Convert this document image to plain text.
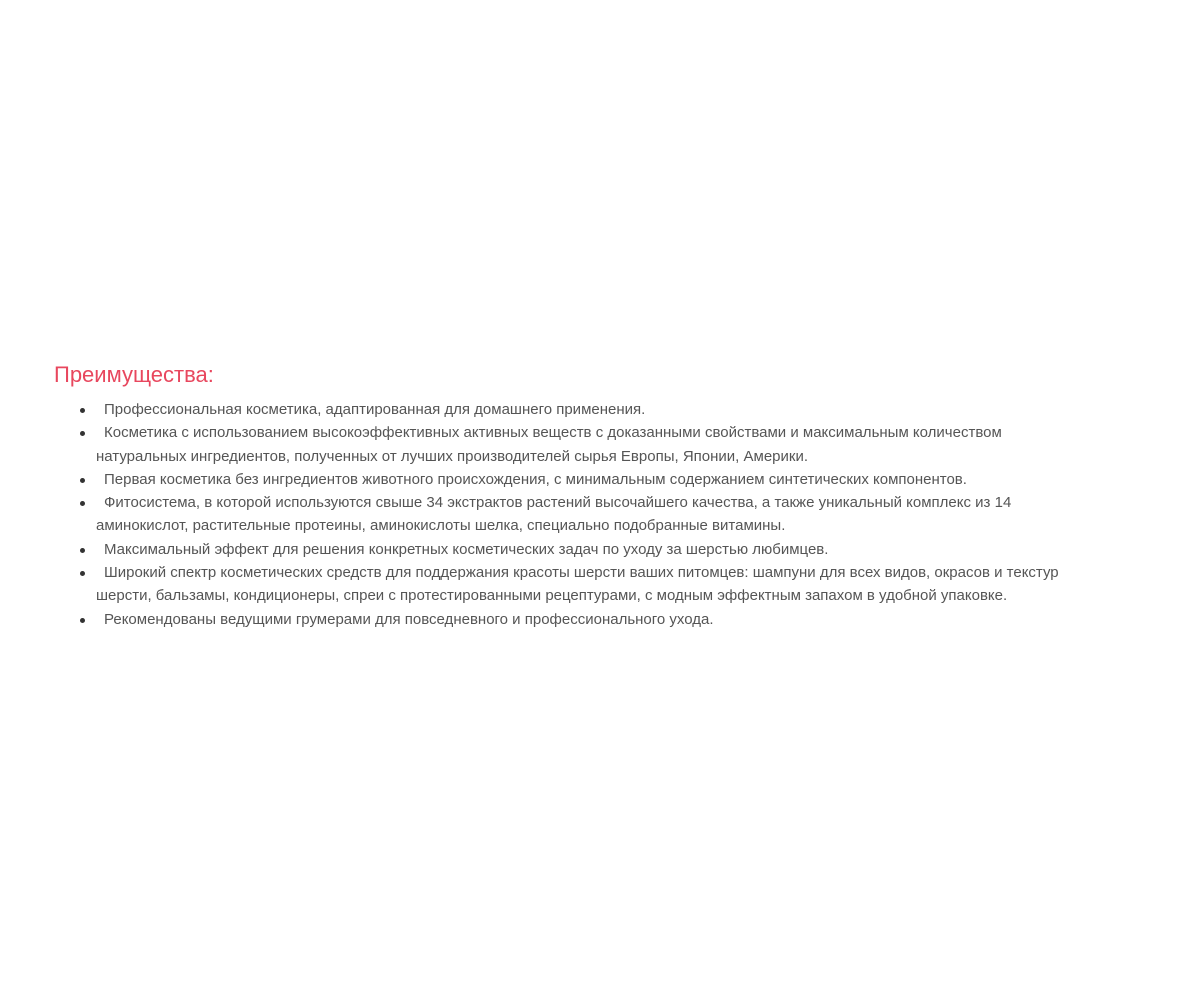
Преимущества:
Профессиональная косметика, адаптированная для домашнего применения.
Косметика с использованием высокоэффективных активных веществ с доказанными свойствами и максимальным количеством натуральных ингредиентов, полученных от лучших производителей сырья Европы, Японии, Америки.
Первая косметика без ингредиентов животного происхождения, с минимальным содержанием синтетических компонентов.
Фитосистема, в которой используются свыше 34 экстрактов растений высочайшего качества, а также уникальный комплекс из 14 аминокислот, растительные протеины, аминокислоты шелка, специально подобранные витамины.
Максимальный эффект для решения конкретных косметических задач по уходу за шерстью любимцев.
Широкий спектр косметических средств для поддержания красоты шерсти ваших питомцев: шампуни для всех видов, окрасов и текстур шерсти, бальзамы, кондиционеры, спреи с протестированными рецептурами, с модным эффектным запахом в удобной упаковке.
Рекомендованы ведущими грумерами для повседневного и профессионального ухода.
